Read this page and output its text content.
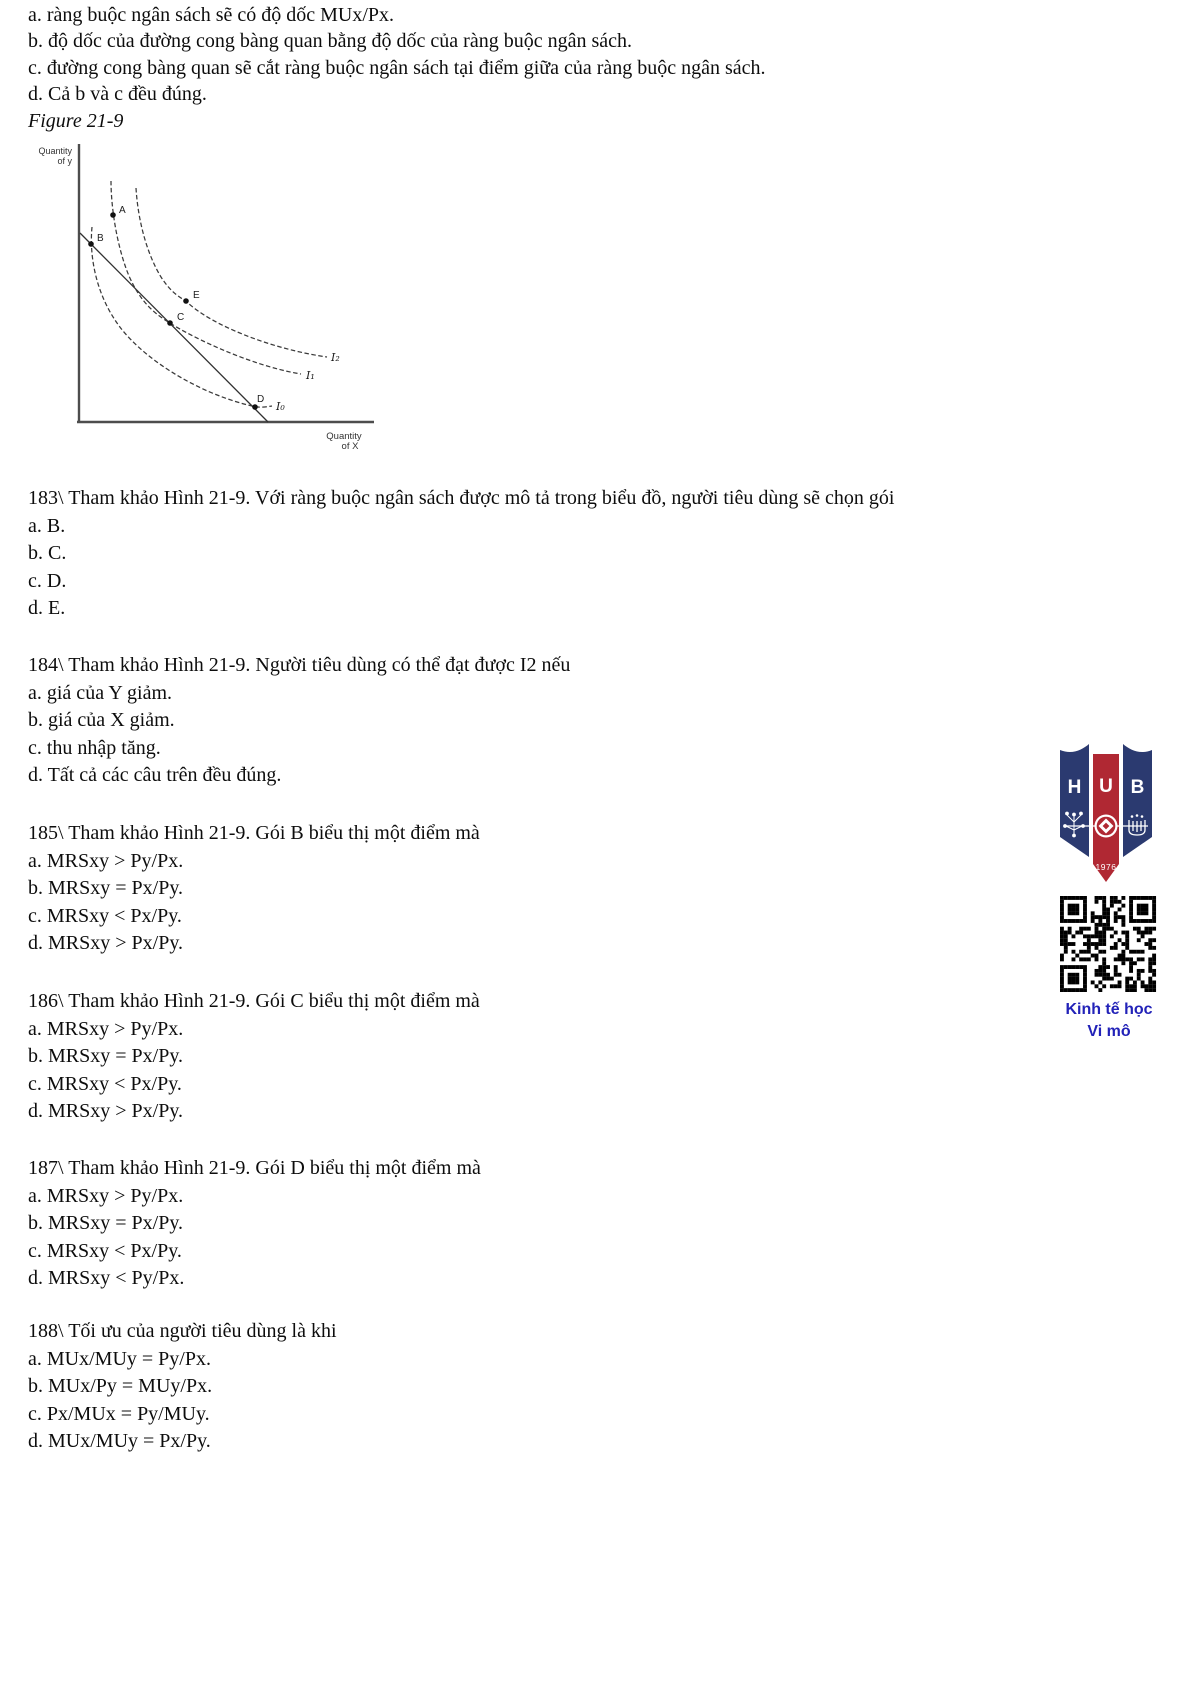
a. ràng buộc ngân sách sẽ có độ dốc MUx/Px.
b. độ dốc của đường cong bàng quan bằng độ dốc của ràng buộc ngân sách.
c. đường cong bàng quan sẽ cắt ràng buộc ngân sách tại điểm giữa của ràng buộc ngân sách.
d. Cả b và c đều đúng.
Figure 21-9
Quantity
of y
Quantity
of X
A
B
C
D
E
I₂
I₁
I₀
183\ Tham khảo Hình 21-9. Với ràng buộc ngân sách được mô tả trong biểu đồ, người tiêu dùng sẽ chọn gói
a. B.
b. C.
c. D.
d. E.
184\ Tham khảo Hình 21-9. Người tiêu dùng có thể đạt được I2 nếu
a. giá của Y giảm.
b. giá của X giảm.
c. thu nhập tăng.
d. Tất cả các câu trên đều đúng.
185\ Tham khảo Hình 21-9. Gói B biểu thị một điểm mà
a. MRSxy > Py/Px.
b. MRSxy = Px/Py.
c. MRSxy < Px/Py.
d. MRSxy > Px/Py.
186\ Tham khảo Hình 21-9. Gói C biểu thị một điểm mà
a. MRSxy > Py/Px.
b. MRSxy = Px/Py.
c. MRSxy < Px/Py.
d. MRSxy > Px/Py.
187\ Tham khảo Hình 21-9. Gói D biểu thị một điểm mà
a. MRSxy > Py/Px.
b. MRSxy = Px/Py.
c. MRSxy < Px/Py.
d. MRSxy < Py/Px.
188\ Tối ưu của người tiêu dùng là khi
a. MUx/MUy = Py/Px.
b. MUx/Py = MUy/Px.
c. Px/MUx = Py/MUy.
d. MUx/MUy = Px/Py.
H U B
1976
Kinh tế học
Vi mô
